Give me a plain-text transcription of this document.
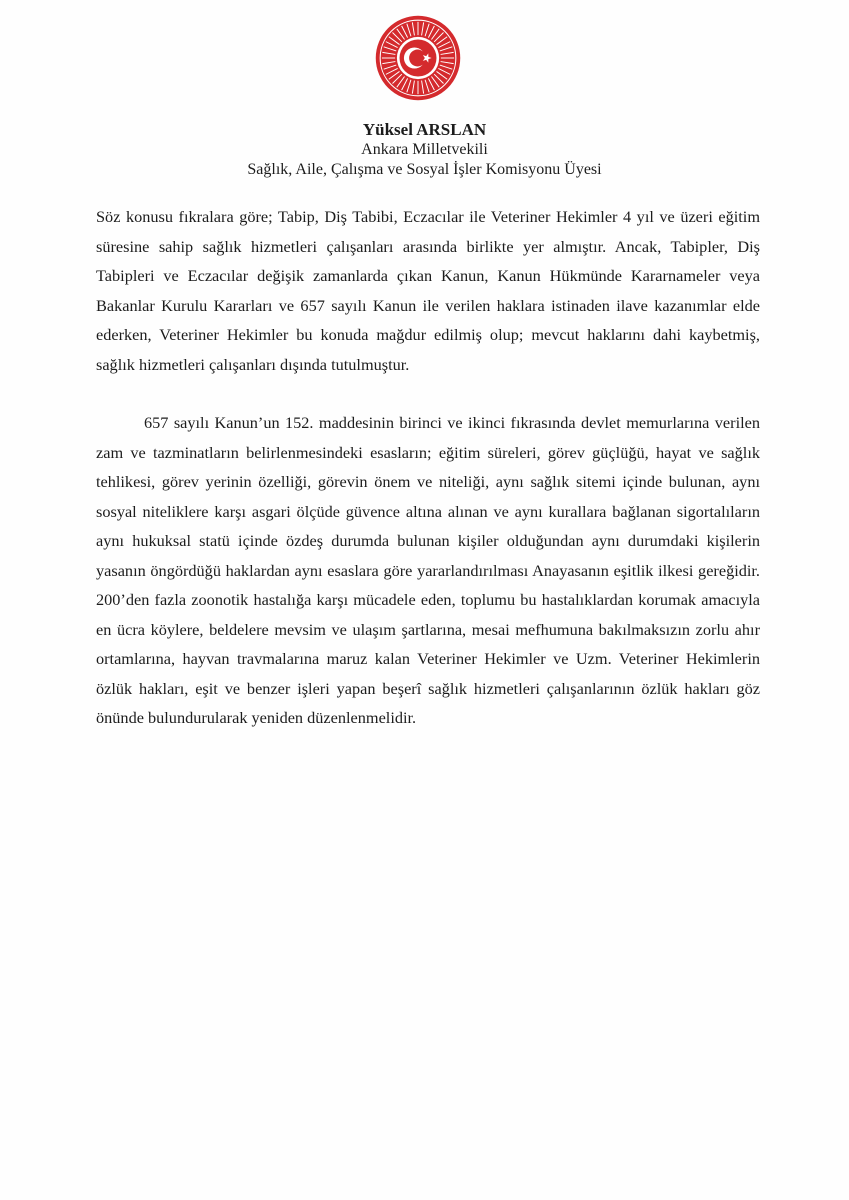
Yüksel ARSLAN
Ankara Milletvekili
Sağlık, Aile, Çalışma ve Sosyal İşler Komisyonu Üyesi

Söz konusu fıkralara göre; Tabip, Diş Tabibi, Eczacılar ile Veteriner Hekimler 4 yıl ve üzeri eğitim süresine sahip sağlık hizmetleri çalışanları arasında birlikte yer almıştır. Ancak, Tabipler, Diş Tabipleri ve Eczacılar değişik zamanlarda çıkan Kanun, Kanun Hükmünde Kararnameler veya Bakanlar Kurulu Kararları ve 657 sayılı Kanun ile verilen haklara istinaden ilave kazanımlar elde ederken, Veteriner Hekimler bu konuda mağdur edilmiş olup; mevcut haklarını dahi kaybetmiş, sağlık hizmetleri çalışanları dışında tutulmuştur.

657 sayılı Kanun’un 152. maddesinin birinci ve ikinci fıkrasında devlet memurlarına verilen zam ve tazminatların belirlenmesindeki esasların; eğitim süreleri, görev güçlüğü, hayat ve sağlık tehlikesi, görev yerinin özelliği, görevin önem ve niteliği, aynı sağlık sitemi içinde bulunan, aynı sosyal niteliklere karşı asgari ölçüde güvence altına alınan ve aynı kurallara bağlanan sigortalıların aynı hukuksal statü içinde özdeş durumda bulunan kişiler olduğundan aynı durumdaki kişilerin yasanın öngördüğü haklardan aynı esaslara göre yararlandırılması Anayasanın eşitlik ilkesi gereğidir. 200’den fazla zoonotik hastalığa karşı mücadele eden, toplumu bu hastalıklardan korumak amacıyla en ücra köylere, beldelere mevsim ve ulaşım şartlarına, mesai mefhumuna bakılmaksızın zorlu ahır ortamlarına, hayvan travmalarına maruz kalan Veteriner Hekimler ve Uzm. Veteriner Hekimlerin özlük hakları, eşit ve benzer işleri yapan beşerî sağlık hizmetleri çalışanlarının özlük hakları göz önünde bulundurularak yeniden düzenlenmelidir.
